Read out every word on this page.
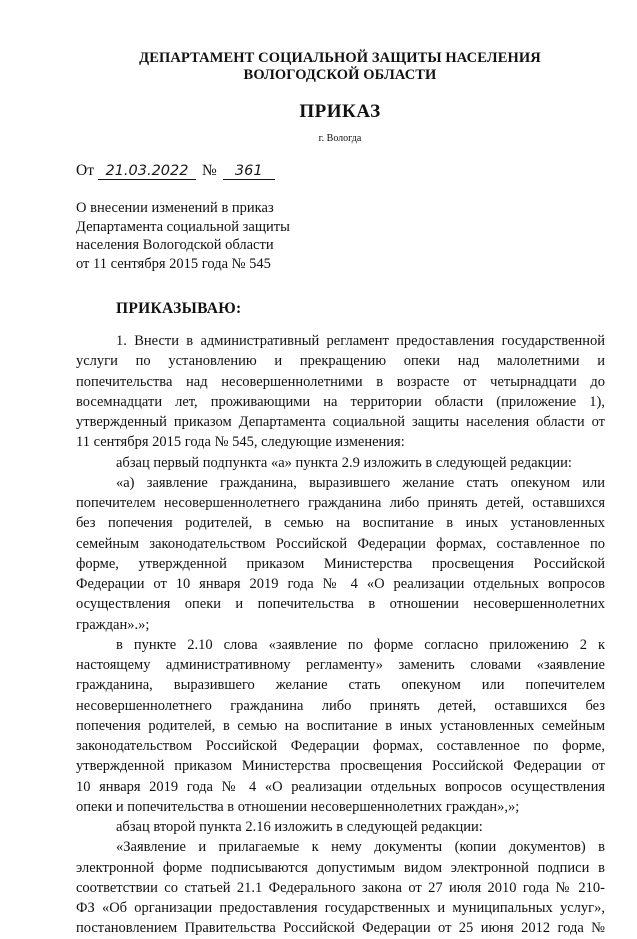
ДЕПАРТАМЕНТ СОЦИАЛЬНОЙ ЗАЩИТЫ НАСЕЛЕНИЯ
ВОЛОГОДСКОЙ ОБЛАСТИ
ПРИКАЗ
г. Вологда
От 21.03.2022 № 361
О внесении изменений в приказ
Департамента социальной защиты
населения Вологодской области
от 11 сентября 2015 года № 545
ПРИКАЗЫВАЮ:
1. Внести в административный регламент предоставления государственной
услуги по установлению и прекращению опеки над малолетними и
попечительства над несовершеннолетними в возрасте от четырнадцати до
восемнадцати лет, проживающими на территории области (приложение 1),
утвержденный приказом Департамента социальной защиты населения области от
11 сентября 2015 года № 545, следующие изменения:
абзац первый подпункта «а» пункта 2.9 изложить в следующей редакции:
«а) заявление гражданина, выразившего желание стать опекуном или
попечителем несовершеннолетнего гражданина либо принять детей, оставшихся
без попечения родителей, в семью на воспитание в иных установленных
семейным законодательством Российской Федерации формах, составленное по
форме, утвержденной приказом Министерства просвещения Российской
Федерации от 10 января 2019 года № 4 «О реализации отдельных вопросов
осуществления опеки и попечительства в отношении несовершеннолетних
граждан».»;
в пункте 2.10 слова «заявление по форме согласно приложению 2 к
настоящему административному регламенту» заменить словами «заявление
гражданина, выразившего желание стать опекуном или попечителем
несовершеннолетнего гражданина либо принять детей, оставшихся без
попечения родителей, в семью на воспитание в иных установленных семейным
законодательством Российской Федерации формах, составленное по форме,
утвержденной приказом Министерства просвещения Российской Федерации от
10 января 2019 года № 4 «О реализации отдельных вопросов осуществления
опеки и попечительства в отношении несовершеннолетних граждан»,»;
абзац второй пункта 2.16 изложить в следующей редакции:
«Заявление и прилагаемые к нему документы (копии документов) в
электронной форме подписываются допустимым видом электронной подписи в
соответствии со статьей 21.1 Федерального закона от 27 июля 2010 года № 210-
ФЗ «Об организации предоставления государственных и муниципальных услуг»,
постановлением Правительства Российской Федерации от 25 июня 2012 года №
